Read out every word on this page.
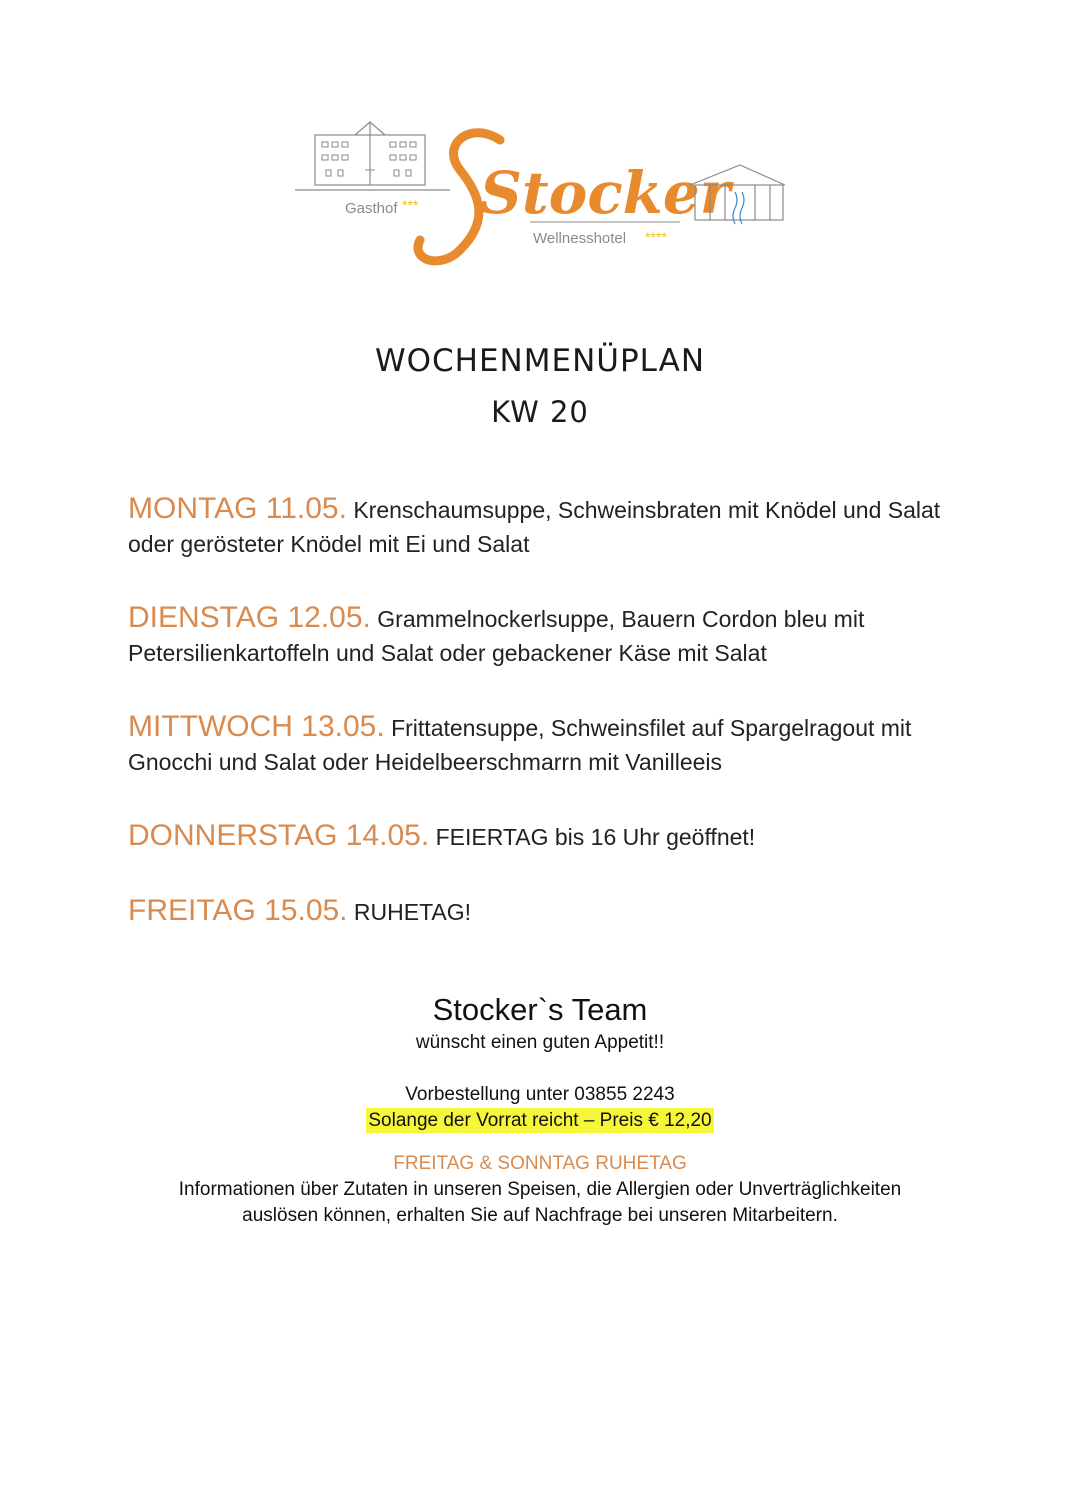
Gasthof *** Stocker
Wellnesshotel ****
WOCHENMENÜPLAN
KW 20
MONTAG 11.05. Krenschaumsuppe, Schweinsbraten mit Knödel und Salat oder gerösteter Knödel mit Ei und Salat
DIENSTAG 12.05. Grammelnockerlsuppe, Bauern Cordon bleu mit Petersilienkartoffeln und Salat oder gebackener Käse mit Salat
MITTWOCH 13.05. Frittatensuppe, Schweinsfilet auf Spargelragout mit Gnocchi und Salat oder Heidelbeerschmarrn mit Vanilleeis
DONNERSTAG 14.05. FEIERTAG bis 16 Uhr geöffnet!
FREITAG 15.05. RUHETAG!
Stocker`s Team
wünscht einen guten Appetit!!
Vorbestellung unter 03855 2243
Solange der Vorrat reicht – Preis € 12,20
FREITAG & SONNTAG RUHETAG
Informationen über Zutaten in unseren Speisen, die Allergien oder Unverträglichkeiten auslösen können, erhalten Sie auf Nachfrage bei unseren Mitarbeitern.
